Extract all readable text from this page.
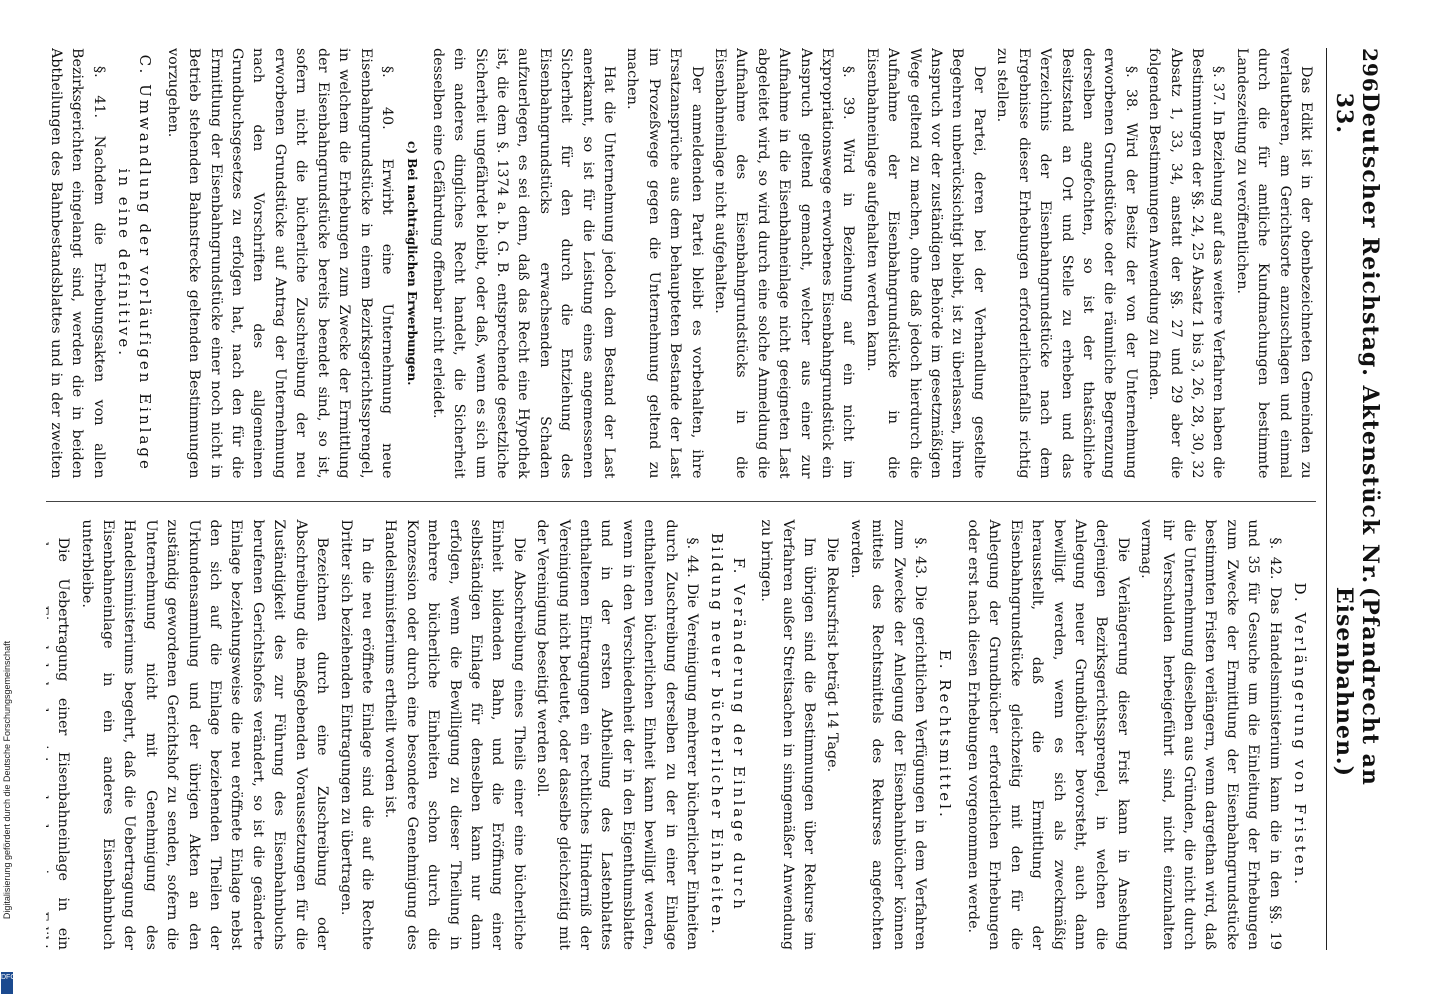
Digitalisierung gefördert durch die Deutsche Forschungsgemeinschaft
DFG
296
Deutscher Reichstag. Aktenstück Nr. 33.
(Pfandrecht an Eisenbahnen.)

Das Edikt ist in der obenbezeichneten Gemeinden zu verlautbaren, am Gerichtsorte anzuschlagen und einmal durch die für amtliche Kundmachungen bestimmte Landeszeitung zu veröffentlichen.

§. 37. In Beziehung auf das weitere Verfahren haben die Bestimmungen der §§. 24, 25 Absatz 1 bis 3, 26, 28, 30, 32 Absatz 1, 33, 34, anstatt der §§. 27 und 29 aber die folgenden Bestimmungen Anwendung zu finden.

§. 38. Wird der Besitz der von der Unternehmung erworbenen Grundstücke oder die räumliche Begrenzung derselben angefochten, so ist der thatsächliche Besitzstand an Ort und Stelle zu erheben und das Verzeichnis der Eisenbahngrundstücke nach dem Ergebnisse dieser Erhebungen erforderlichenfalls richtig zu stellen.

Der Partei, deren bei der Verhandlung gestellte Begehren unberücksichtigt bleibt, ist zu überlassen, ihren Anspruch vor der zuständigen Behörde im gesetzmäßigen Wege geltend zu machen, ohne daß jedoch hierdurch die Aufnahme der Eisenbahngrundstücke in die Eisenbahneinlage aufgehalten werden kann.

§. 39. Wird in Beziehung auf ein nicht im Expropriationswege erworbenes Eisenbahngrundstück ein Anspruch geltend gemacht, welcher aus einer zur Aufnahme in die Eisenbahneinlage nicht geeigneten Last abgeleitet wird, so wird durch eine solche Anmeldung die Aufnahme des Eisenbahngrundstücks in die Eisenbahneinlage nicht aufgehalten.

Der anmeldenden Partei bleibt es vorbehalten, ihre Ersatzansprüche aus dem behaupteten Bestande der Last im Prozeßwege gegen die Unternehmung geltend zu machen.

Hat die Unternehmung jedoch dem Bestand der Last anerkannt, so ist für die Leistung eines angemessenen Sicherheit für den durch die Entziehung des Eisenbahngrundstücks erwachsenden Schaden aufzuerlegen, es sei denn, daß das Recht eine Hypothek ist, die dem §. 1374 a. b. G. B. entsprechende gesetzliche Sicherheit ungefährdet bleibt, oder daß, wenn es sich um ein anderes dingliches Recht handelt, die Sicherheit desselben eine Gefährdung offenbar nicht erleidet.

c) Bei nachträglichen Erwerbungen.

§. 40. Erwirbt eine Unternehmung neue Eisenbahngrundstücke in einem Bezirksgerichtssprengel, in welchem die Erhebungen zum Zwecke der Ermittlung der Eisenbahngrundstücke bereits beendet sind, so ist, sofern nicht die bücherliche Zuschreibung der neu erworbenen Grundstücke auf Antrag der Unternehmung nach den Vorschriften des allgemeinen Grundbuchsgesetzes zu erfolgen hat, nach den für die Ermittlung der Eisenbahngrundstücke einer noch nicht in Betrieb stehenden Bahnstrecke geltenden Bestimmungen vorzugehen.

C. Umwandlung der vorläufigen Einlage in eine definitive.

§. 41. Nachdem die Erhebungsakten von allen Bezirksgerichten eingelangt sind, werden die in beiden Abtheilungen des Bahnbestandsblattes und in der zweiten

D. Verlängerung von Fristen.

§. 42. Das Handelsministerium kann die in den §§. 19 und 35 für Gesuche um die Einleitung der Erhebungen zum Zwecke der Ermittlung der Eisenbahngrundstücke bestimmten Fristen verlängern, wenn dargethan wird, daß die Unternehmung dieselben aus Gründen, die nicht durch ihr Verschulden herbeigeführt sind, nicht einzuhalten vermag.

Die Verlängerung dieser Frist kann in Ansehung derjenigen Bezirksgerichtssprengel, in welchen die Anlegung neuer Grundbücher bevorsteht, auch dann bewilligt werden, wenn es sich als zweckmäßig herausstellt, daß die Ermittlung der Eisenbahngrundstücke gleichzeitig mit den für die Anlegung der Grundbücher erforderlichen Erhebungen oder erst nach diesen Erhebungen vorgenommen werde.

E. Rechtsmittel.

§. 43. Die gerichtlichen Verfügungen in dem Verfahren zum Zwecke der Anlegung der Eisenbahnbücher können mittels des Rechtsmittels des Rekurses angefochten werden.

Die Rekursfrist beträgt 14 Tage.

Im übrigen sind die Bestimmungen über Rekurse im Verfahren außer Streitsachen in sinngemäßer Anwendung zu bringen.

F. Veränderung der Einlage durch Bildung neuer bücherlicher Einheiten.

§. 44. Die Vereinigung mehrerer bücherlicher Einheiten durch Zuschreibung derselben zu der in einer Einlage enthaltenen bücherlichen Einheit kann bewilligt werden, wenn in den Verschiedenheit der in den Eigenthumsblatte und in der ersten Abtheilung des Lastenblattes enthaltenen Eintragungen ein rechtliches Hinderniß der Vereinigung nicht bedeutet, oder dasselbe gleichzeitig mit der Vereinigung beseitigt werden soll.

Die Abschreibung eines Theils einer eine bücherliche Einheit bildenden Bahn, und die Eröffnung einer selbständigen Einlage für denselben kann nur dann erfolgen, wenn die Bewilligung zu dieser Theilung in mehrere bücherliche Einheiten schon durch die Konzession oder durch eine besondere Genehmigung des Handelsministeriums ertheilt worden ist.

In die neu eröffnete Einlage sind die auf die Rechte Dritter sich beziehenden Eintragungen zu übertragen.

Bezeichnen durch eine Zuschreibung oder Abschreibung die maßgebenden Voraussetzungen für die Zuständigkeit des zur Führung des Eisenbahnbuchs berufenen Gerichtshofes verändert, so ist die geänderte Einlage beziehungsweise die neu eröffnete Einlage nebst den sich auf die Einlage beziehenden Theilen der Urkundensammlung und der übrigen Akten an den zuständig gewordenen Gerichtshof zu senden, sofern die Unternehmung nicht mit Genehmigung des Handelsministeriums begehrt, daß die Uebertragung der Eisenbahneinlage in ein anderes Eisenbahnbuch unterbleibe.

Die Uebertragung einer Eisenbahneinlage in ein anderes Eisenbahnbuch ist durch ein Edikt
